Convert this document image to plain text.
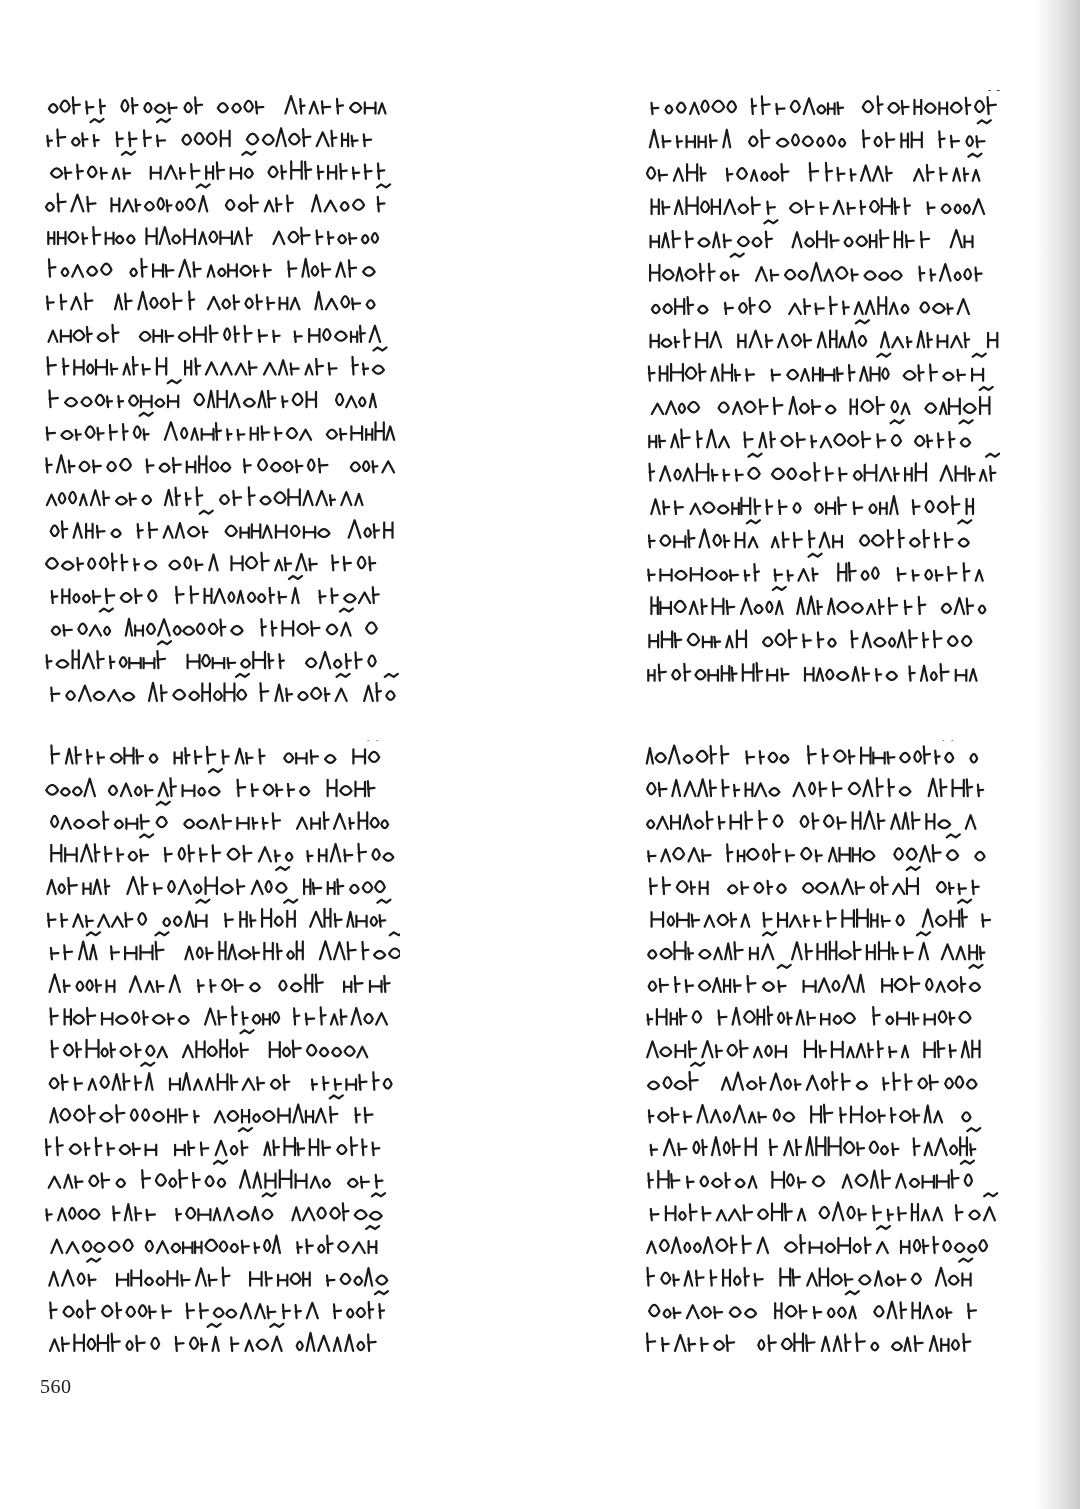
560
